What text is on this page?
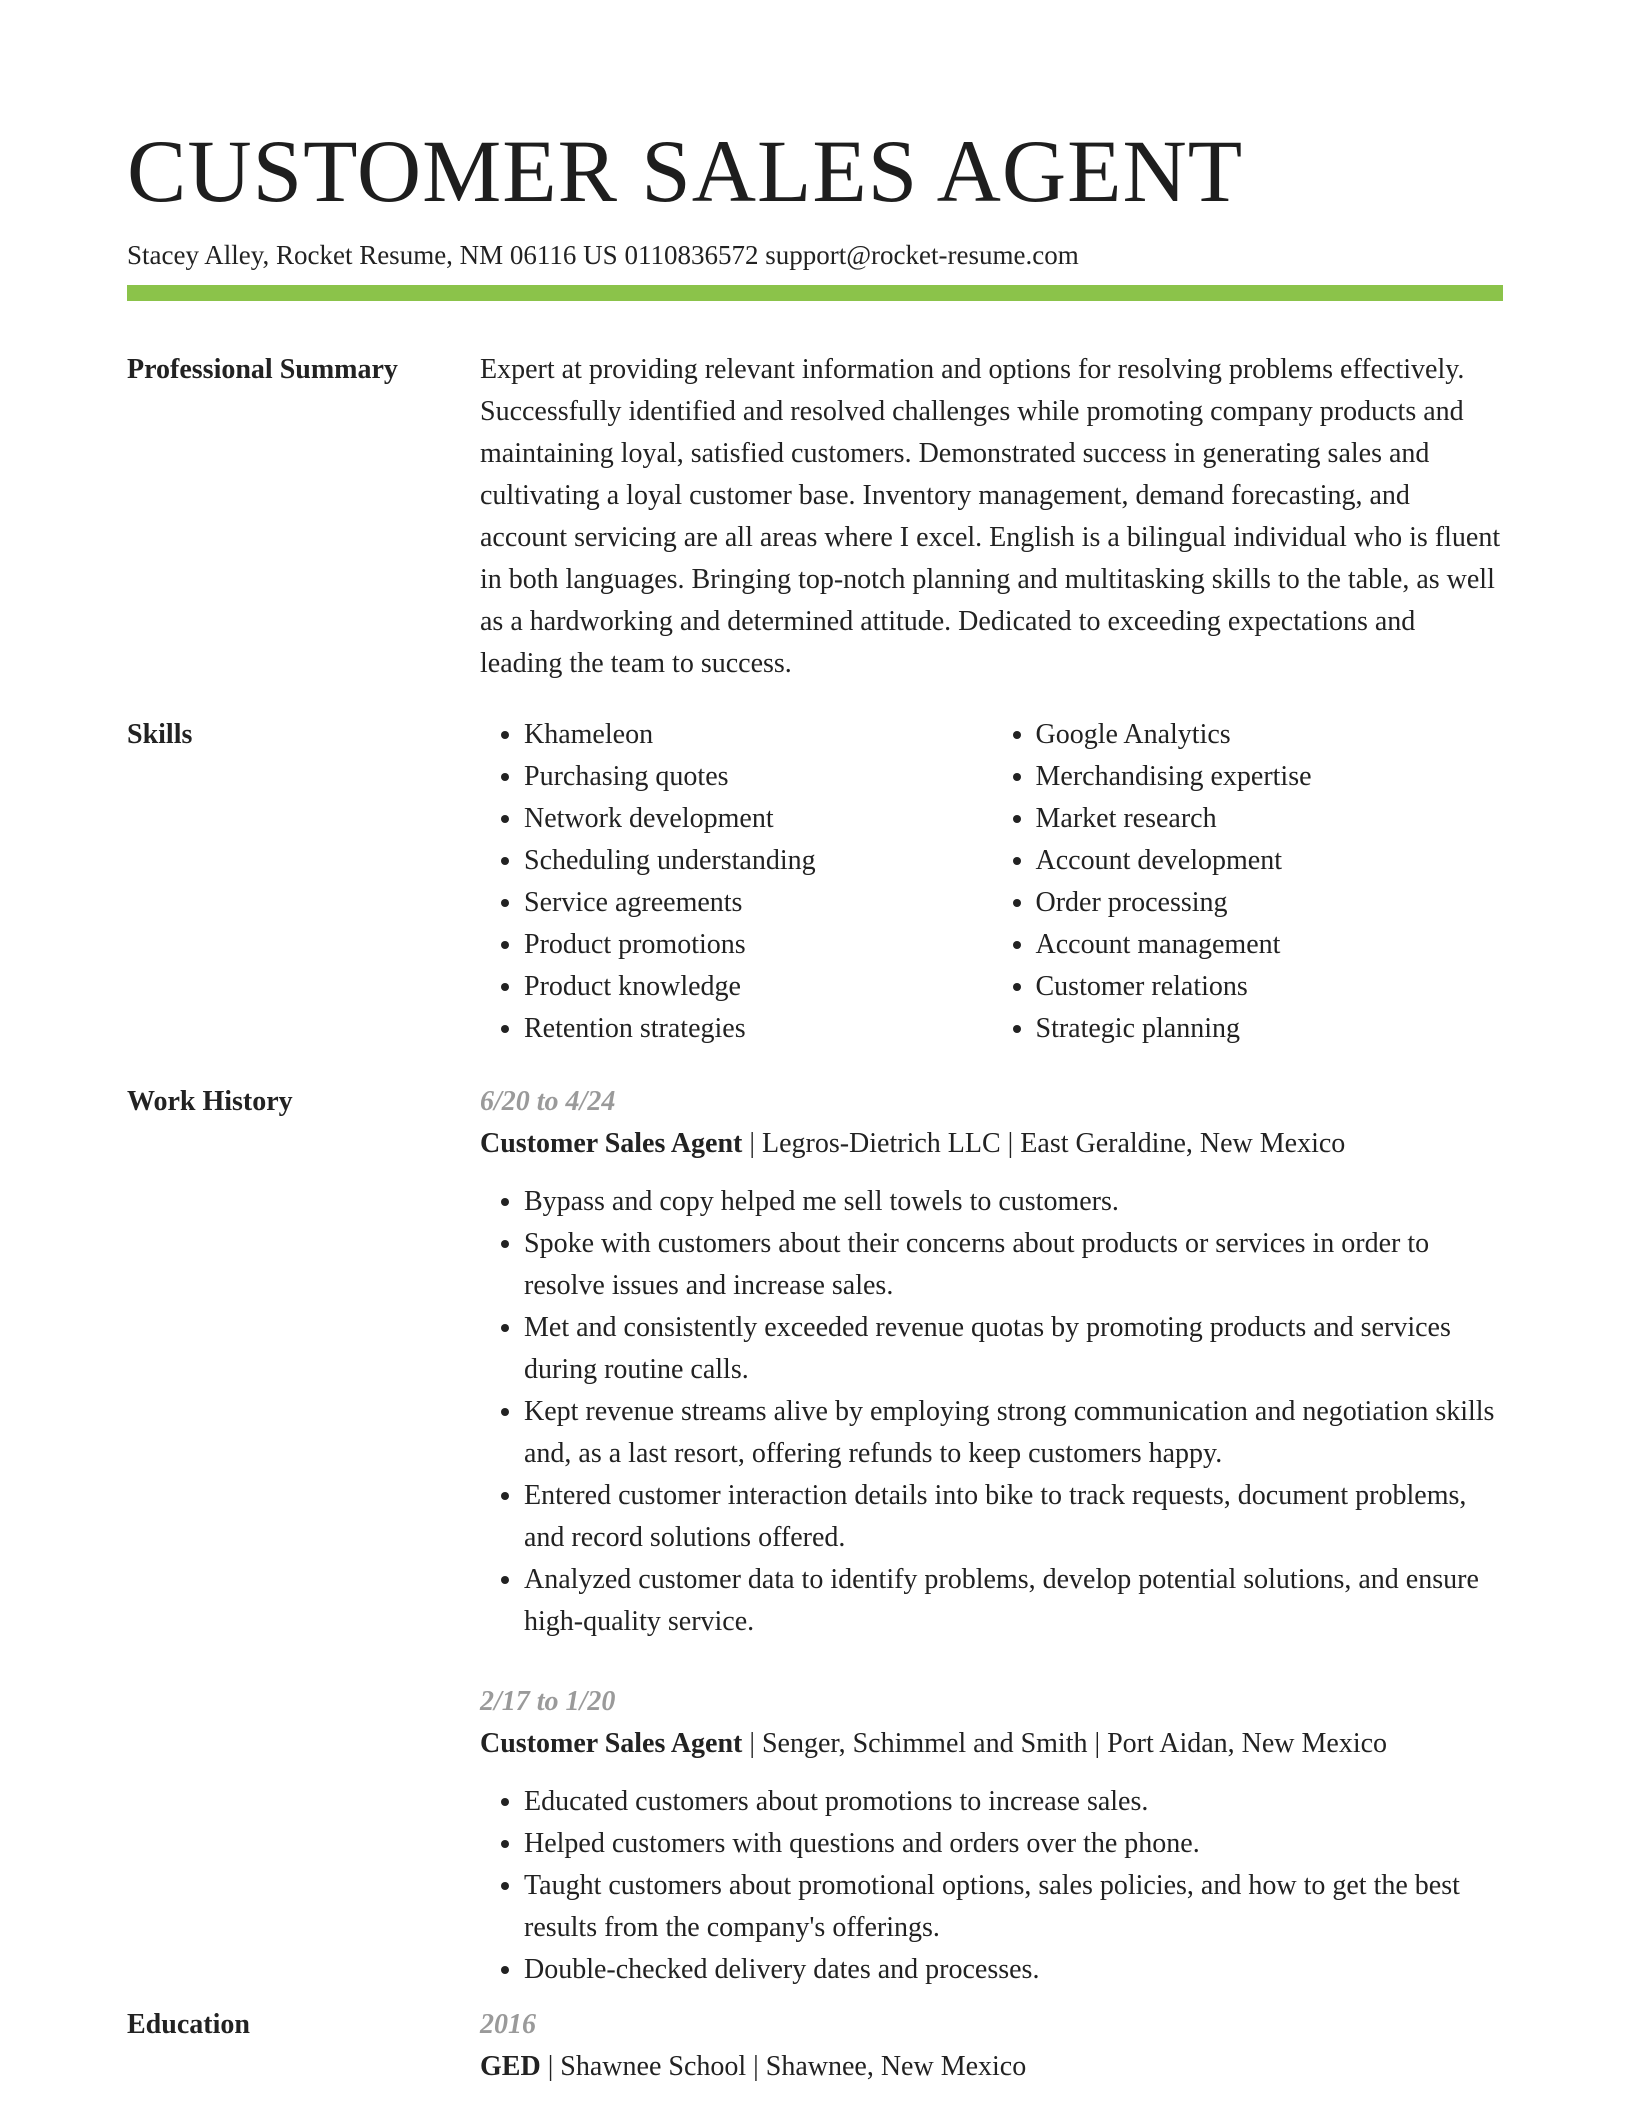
CUSTOMER SALES AGENT
Stacey Alley, Rocket Resume, NM 06116 US 0110836572 support@rocket-resume.com
Professional Summary	Expert at providing relevant information and options for resolving problems effectively. Successfully identified and resolved challenges while promoting company products and maintaining loyal, satisfied customers. Demonstrated success in generating sales and cultivating a loyal customer base. Inventory management, demand forecasting, and account servicing are all areas where I excel. English is a bilingual individual who is fluent in both languages. Bringing top-notch planning and multitasking skills to the table, as well as a hardworking and determined attitude. Dedicated to exceeding expectations and leading the team to success.

Skills
•	Khameleon
• Purchasing quotes
• Network development
• Scheduling understanding
• Service agreements
• Product promotions
• Product knowledge
• Retention strategies
• Google Analytics
• Merchandising expertise
• Market research
• Account development
• Order processing
• Account management
• Customer relations
• Strategic planning
Work History	6/20 to 4/24
Customer Sales Agent | Legros-Dietrich LLC | East Geraldine, New Mexico
• Bypass and copy helped me sell towels to customers.
• Spoke with customers about their concerns about products or services in order to resolve issues and increase sales.
• Met and consistently exceeded revenue quotas by promoting products and services during routine calls.
• Kept revenue streams alive by employing strong communication and negotiation skills and, as a last resort, offering refunds to keep customers happy.
• Entered customer interaction details into bike to track requests, document problems, and record solutions offered.
• Analyzed customer data to identify problems, develop potential solutions, and ensure high-quality service.
2/17 to 1/20
Customer Sales Agent | Senger, Schimmel and Smith | Port Aidan, New Mexico
• Educated customers about promotions to increase sales.
• Helped customers with questions and orders over the phone.
• Taught customers about promotional options, sales policies, and how to get the best results from the company's offerings.
• Double-checked delivery dates and processes.
Education	2016
GED | Shawnee School | Shawnee, New Mexico
